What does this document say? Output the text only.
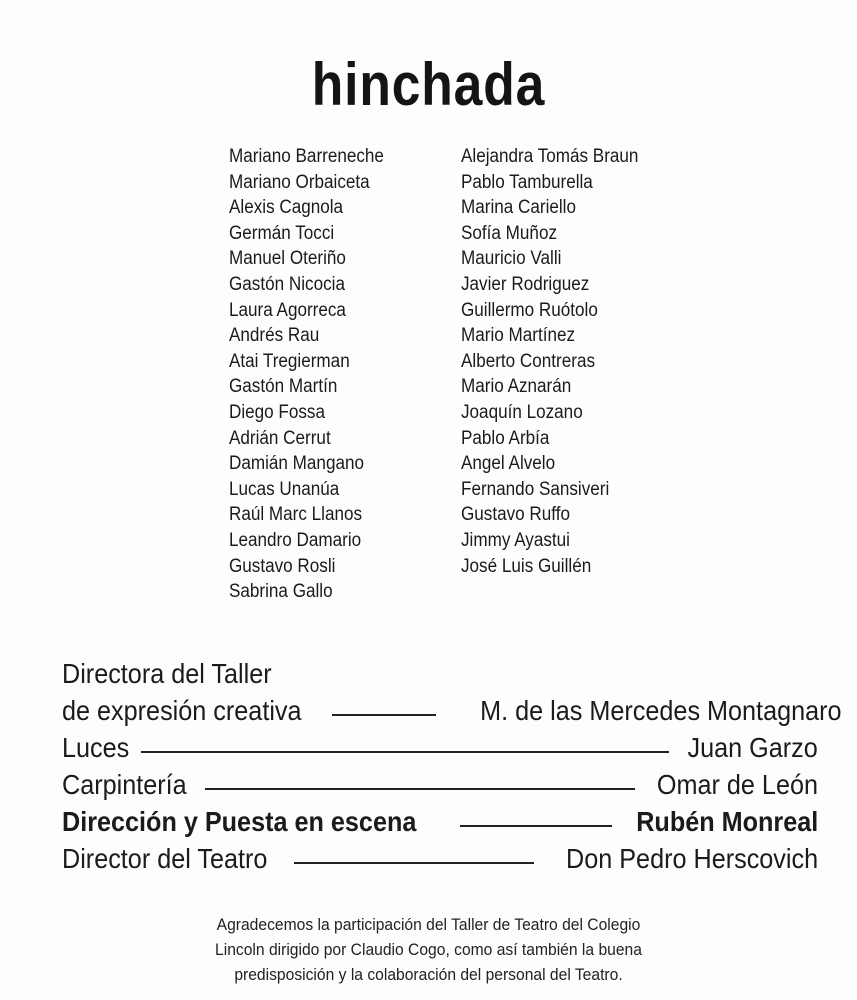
hinchada
Mariano Barreneche
Mariano Orbaiceta
Alexis Cagnola
Germán Tocci
Manuel Oteriño
Gastón Nicocia
Laura Agorreca
Andrés Rau
Atai Tregierman
Gastón Martín
Diego Fossa
Adrián Cerrut
Damián Mangano
Lucas Unanúa
Raúl Marc Llanos
Leandro Damario
Gustavo Rosli
Sabrina Gallo
Alejandra Tomás Braun
Pablo Tamburella
Marina Cariello
Sofía Muñoz
Mauricio Valli
Javier Rodriguez
Guillermo Ruótolo
Mario Martínez
Alberto Contreras
Mario Aznarán
Joaquín Lozano
Pablo Arbía
Angel Alvelo
Fernando Sansiveri
Gustavo Ruffo
Jimmy Ayastui
José Luis Guillén
Directora del Taller
de expresión creativa	M. de las Mercedes Montagnaro
Luces	Juan Garzo
Carpintería	Omar de León
Dirección y Puesta en escena	Rubén Monreal
Director del Teatro	Don Pedro Herscovich
Agradecemos la participación del Taller de Teatro del Colegio
Lincoln dirigido por Claudio Cogo, como así también la buena
predisposición y la colaboración del personal del Teatro.
